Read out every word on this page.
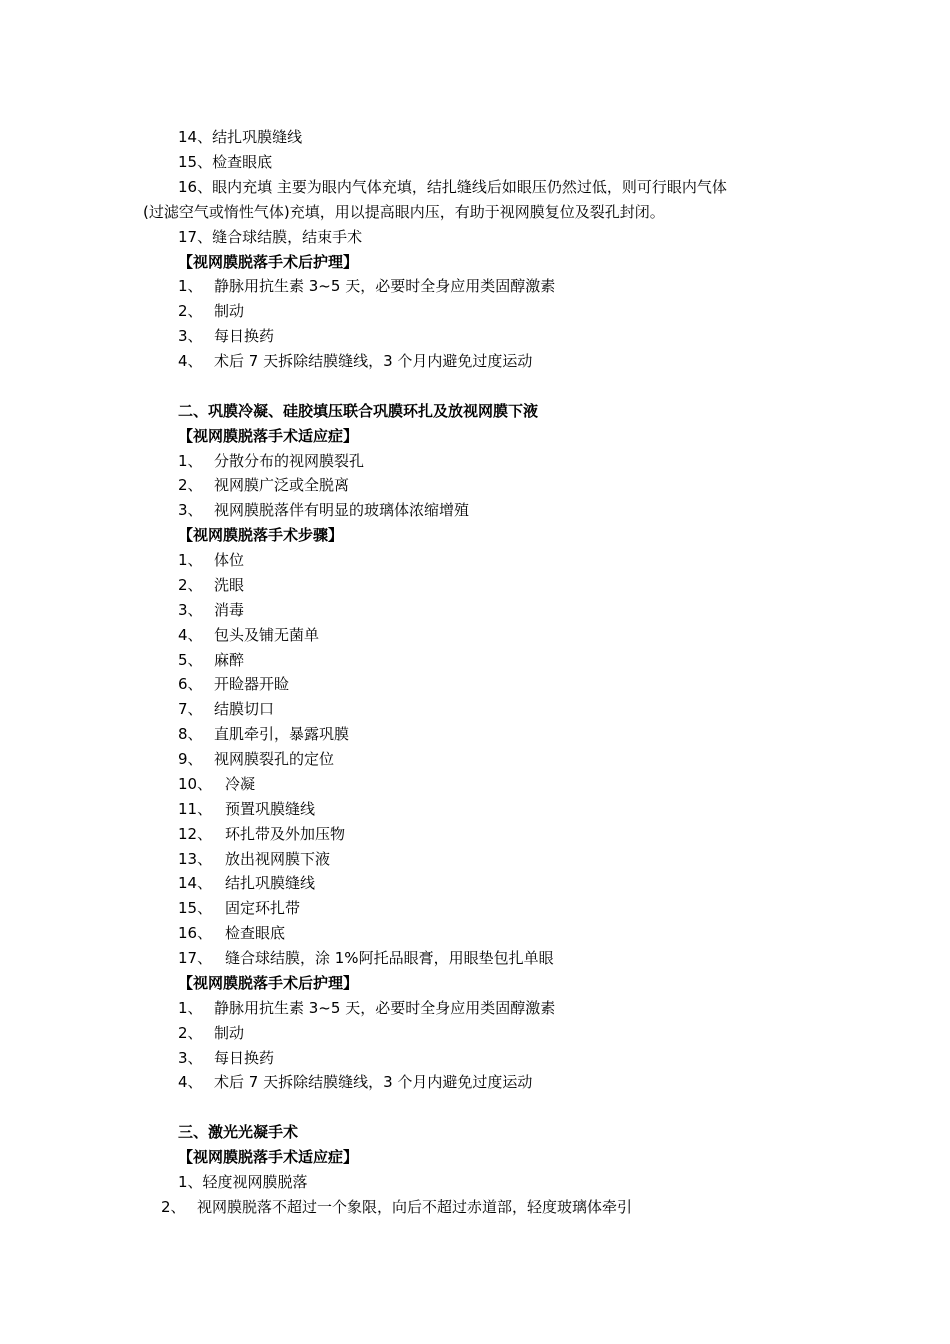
14、结扎巩膜缝线
15、检查眼底
16、眼内充填 主要为眼内气体充填，结扎缝线后如眼压仍然过低，则可行眼内气体
(过滤空气或惰性气体)充填，用以提高眼内压，有助于视网膜复位及裂孔封闭。
17、缝合球结膜，结束手术
【视网膜脱落手术后护理】
1、 静脉用抗生素 3~5 天，必要时全身应用类固醇激素
2、 制动
3、 每日换药
4、 术后 7 天拆除结膜缝线，3 个月内避免过度运动
二、巩膜冷凝、硅胶填压联合巩膜环扎及放视网膜下液
【视网膜脱落手术适应症】
1、 分散分布的视网膜裂孔
2、 视网膜广泛或全脱离
3、 视网膜脱落伴有明显的玻璃体浓缩增殖
【视网膜脱落手术步骤】
1、 体位
2、 洗眼
3、 消毒
4、 包头及铺无菌单
5、 麻醉
6、 开睑器开睑
7、 结膜切口
8、 直肌牵引，暴露巩膜
9、 视网膜裂孔的定位
10、 冷凝
11、 预置巩膜缝线
12、 环扎带及外加压物
13、 放出视网膜下液
14、 结扎巩膜缝线
15、 固定环扎带
16、 检查眼底
17、 缝合球结膜，涂 1%阿托品眼膏，用眼垫包扎单眼
【视网膜脱落手术后护理】
1、 静脉用抗生素 3~5 天，必要时全身应用类固醇激素
2、 制动
3、 每日换药
4、 术后 7 天拆除结膜缝线，3 个月内避免过度运动
三、激光光凝手术
【视网膜脱落手术适应症】
1、轻度视网膜脱落
2、 视网膜脱落不超过一个象限，向后不超过赤道部，轻度玻璃体牵引
